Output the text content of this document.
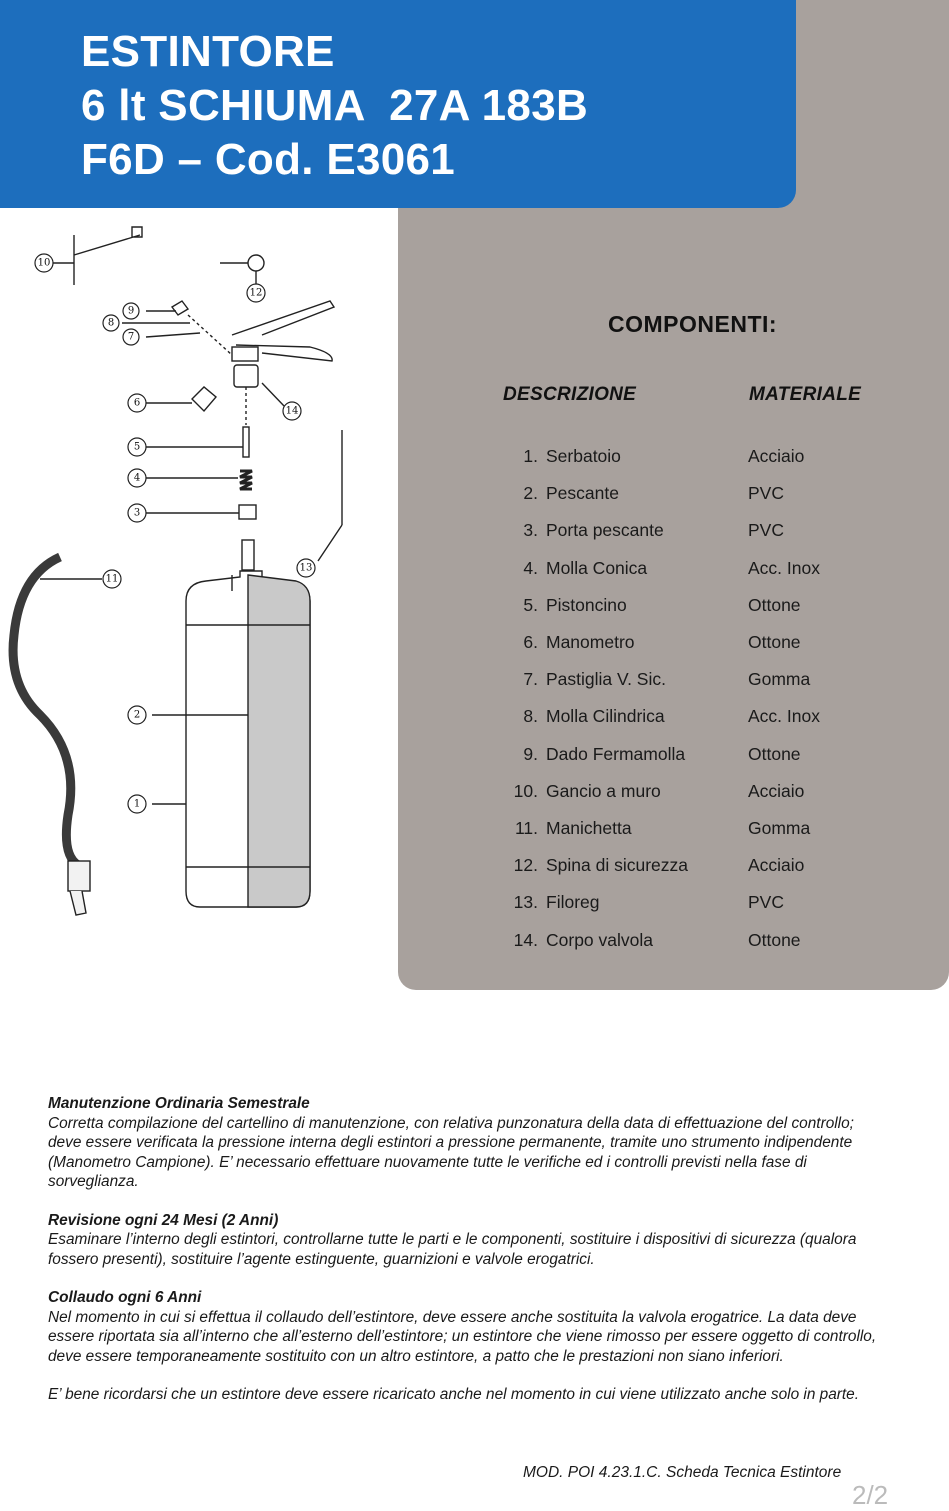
ESTINTORE
6 lt SCHIUMA  27A 183B
F6D – Cod. E3061
10
12
9
8
7
6
14
5
4
3
11
13
2
1
COMPONENTI:
DESCRIZIONE	MATERIALE
1. Serbatoio	Acciaio
2. Pescante	PVC
3. Porta pescante	PVC
4. Molla Conica	Acc. Inox
5. Pistoncino	Ottone
6. Manometro	Ottone
7. Pastiglia V. Sic.	Gomma
8. Molla Cilindrica	Acc. Inox
9. Dado Fermamolla	Ottone
10. Gancio a muro	Acciaio
11. Manichetta	Gomma
12. Spina di sicurezza	Acciaio
13. Filoreg	PVC
14. Corpo valvola	Ottone
Manutenzione Ordinaria Semestrale

Corretta compilazione del cartellino di manutenzione, con relativa punzonatura della data di effettuazione del controllo; deve essere verificata la pressione interna degli estintori a pressione permanente, tramite uno strumento indipendente (Manometro Campione). E’ necessario effettuare nuovamente tutte le verifiche ed i controlli previsti nella fase di sorveglianza.

Revisione ogni 24 Mesi (2 Anni)

Esaminare l’interno degli estintori, controllarne tutte le parti e le componenti, sostituire i dispositivi di sicurezza (qualora fossero presenti), sostituire l’agente estinguente, guarnizioni e valvole erogatrici.

Collaudo ogni 6 Anni

Nel momento in cui si effettua il collaudo dell’estintore, deve essere anche sostituita la valvola erogatrice. La data deve essere riportata sia all’interno che all’esterno dell’estintore; un estintore che viene rimosso per essere oggetto di controllo, deve essere temporaneamente sostituito con un altro estintore, a patto che le prestazioni non siano inferiori.

E’ bene ricordarsi che un estintore deve essere ricaricato anche nel momento in cui viene utilizzato anche solo in parte.

MOD. POI 4.23.1.C. Scheda Tecnica Estintore
2/2
